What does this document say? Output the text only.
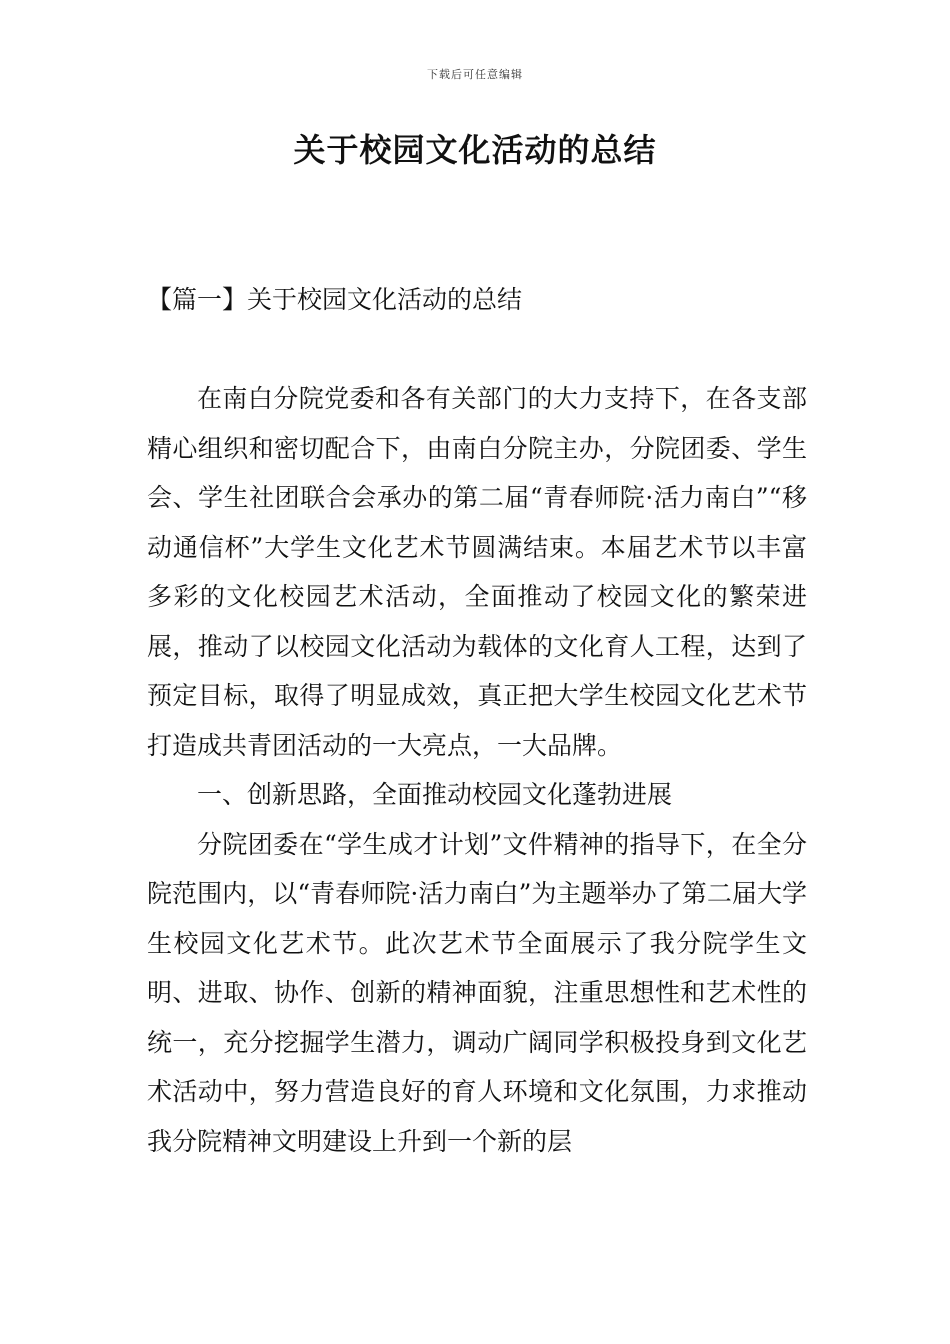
下载后可任意编辑
关于校园文化活动的总结
【篇一】关于校园文化活动的总结

在南白分院党委和各有关部门的大力支持下，在各支部精心组织和密切配合下，由南白分院主办，分院团委、学生会、学生社团联合会承办的第二届“青春师院·活力南白”“移动通信杯”大学生文化艺术节圆满结束。本届艺术节以丰富多彩的文化校园艺术活动，全面推动了校园文化的繁荣进展，推动了以校园文化活动为载体的文化育人工程，达到了预定目标，取得了明显成效，真正把大学生校园文化艺术节打造成共青团活动的一大亮点，一大品牌。

一、创新思路，全面推动校园文化蓬勃进展

分院团委在“学生成才计划”文件精神的指导下，在全分院范围内，以“青春师院·活力南白”为主题举办了第二届大学生校园文化艺术节。此次艺术节全面展示了我分院学生文明、进取、协作、创新的精神面貌，注重思想性和艺术性的统一，充分挖掘学生潜力，调动广阔同学积极投身到文化艺术活动中，努力营造良好的育人环境和文化氛围，力求推动我分院精神文明建设上升到一个新的层
